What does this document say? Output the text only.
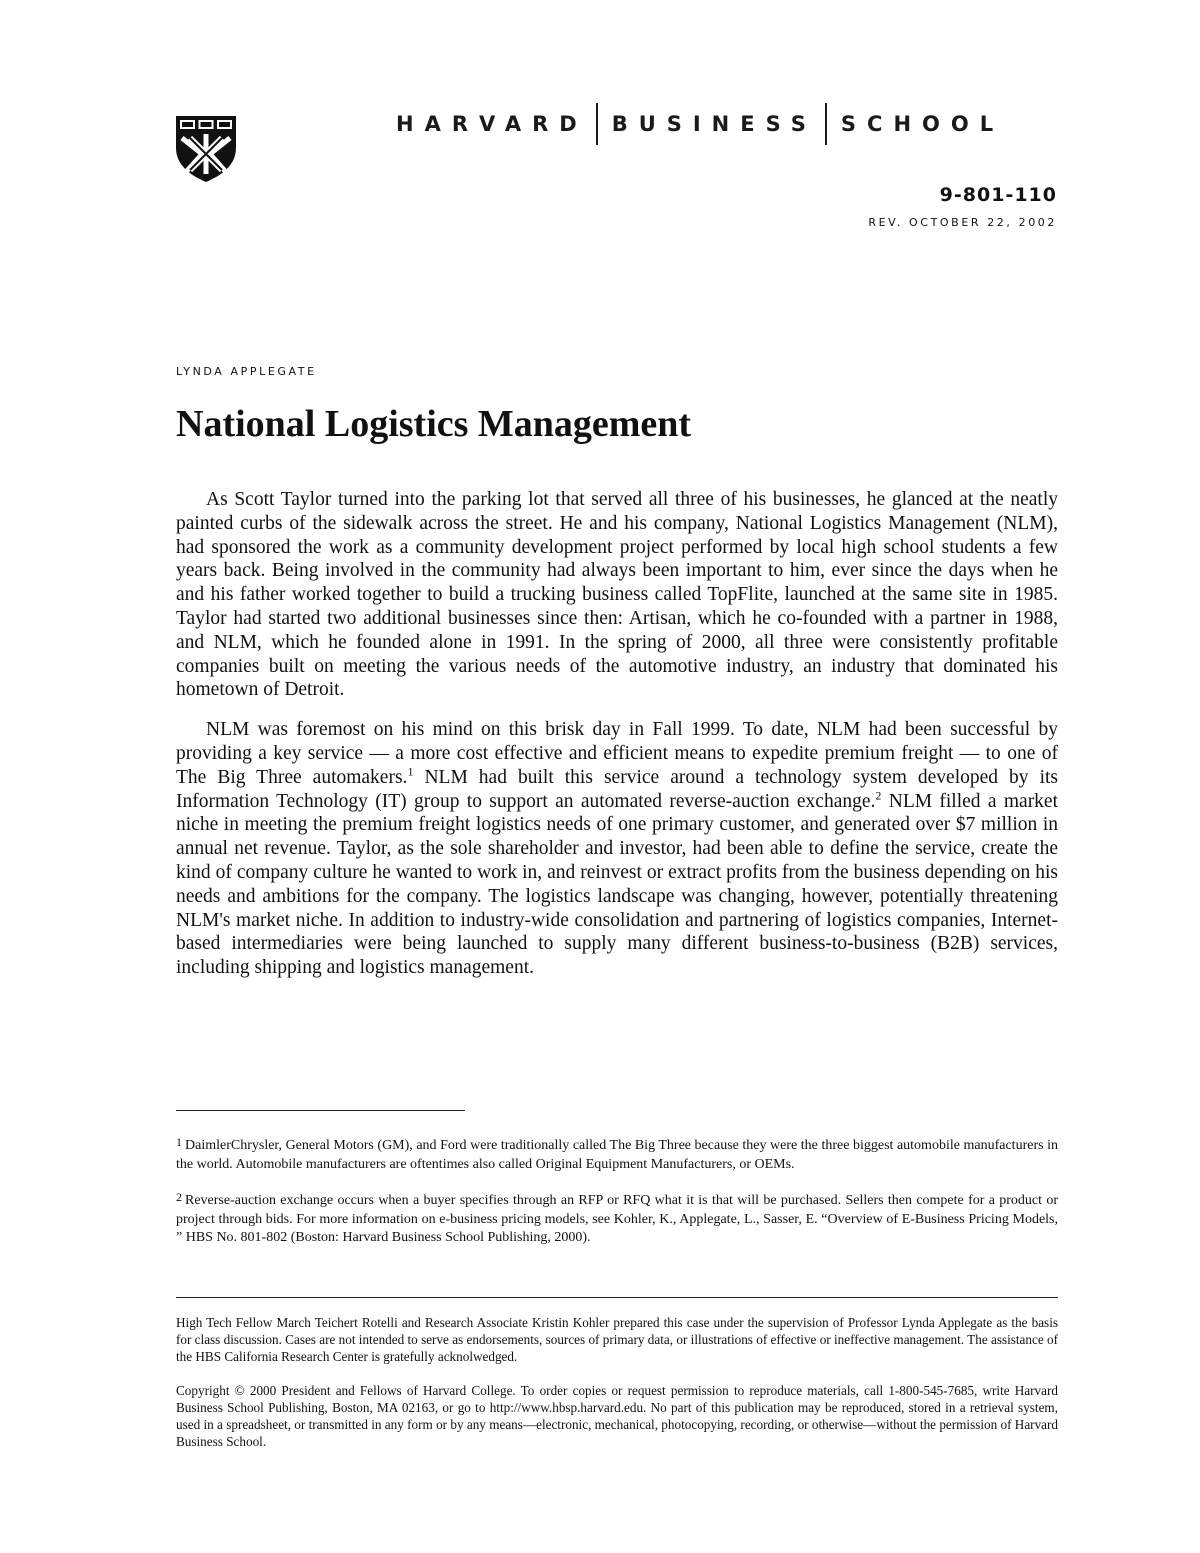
HARVARD BUSINESS SCHOOL
9-801-110
REV. OCTOBER 22, 2002
LYNDA APPLEGATE
National Logistics Management

As Scott Taylor turned into the parking lot that served all three of his businesses, he glanced at the neatly painted curbs of the sidewalk across the street. He and his company, National Logistics Management (NLM), had sponsored the work as a community development project performed by local high school students a few years back. Being involved in the community had always been important to him, ever since the days when he and his father worked together to build a trucking business called TopFlite, launched at the same site in 1985. Taylor had started two additional businesses since then: Artisan, which he co-founded with a partner in 1988, and NLM, which he founded alone in 1991. In the spring of 2000, all three were consistently profitable companies built on meeting the various needs of the automotive industry, an industry that dominated his hometown of Detroit.

NLM was foremost on his mind on this brisk day in Fall 1999. To date, NLM had been successful by providing a key service — a more cost effective and efficient means to expedite premium freight — to one of The Big Three automakers.$^1$ NLM had built this service around a technology system developed by its Information Technology (IT) group to support an automated reverse-auction exchange.$^2$ NLM filled a market niche in meeting the premium freight logistics needs of one primary customer, and generated over $7 million in annual net revenue. Taylor, as the sole shareholder and investor, had been able to define the service, create the kind of company culture he wanted to work in, and reinvest or extract profits from the business depending on his needs and ambitions for the company. The logistics landscape was changing, however, potentially threatening NLM's market niche. In addition to industry-wide consolidation and partnering of logistics companies, Internet-based intermediaries were being launched to supply many different business-to-business (B2B) services, including shipping and logistics management.

1 DaimlerChrysler, General Motors (GM), and Ford were traditionally called The Big Three because they were the three biggest automobile manufacturers in the world. Automobile manufacturers are oftentimes also called Original Equipment Manufacturers, or OEMs.

2 Reverse-auction exchange occurs when a buyer specifies through an RFP or RFQ what it is that will be purchased. Sellers then compete for a product or project through bids. For more information on e-business pricing models, see Kohler, K., Applegate, L., Sasser, E. “Overview of E-Business Pricing Models, ” HBS No. 801-802 (Boston: Harvard Business School Publishing, 2000).

High Tech Fellow March Teichert Rotelli and Research Associate Kristin Kohler prepared this case under the supervision of Professor Lynda Applegate as the basis for class discussion. Cases are not intended to serve as endorsements, sources of primary data, or illustrations of effective or ineffective management. The assistance of the HBS California Research Center is gratefully acknolwedged.

Copyright © 2000 President and Fellows of Harvard College. To order copies or request permission to reproduce materials, call 1-800-545-7685, write Harvard Business School Publishing, Boston, MA 02163, or go to http://www.hbsp.harvard.edu. No part of this publication may be reproduced, stored in a retrieval system, used in a spreadsheet, or transmitted in any form or by any means—electronic, mechanical, photocopying, recording, or otherwise—without the permission of Harvard Business School.
